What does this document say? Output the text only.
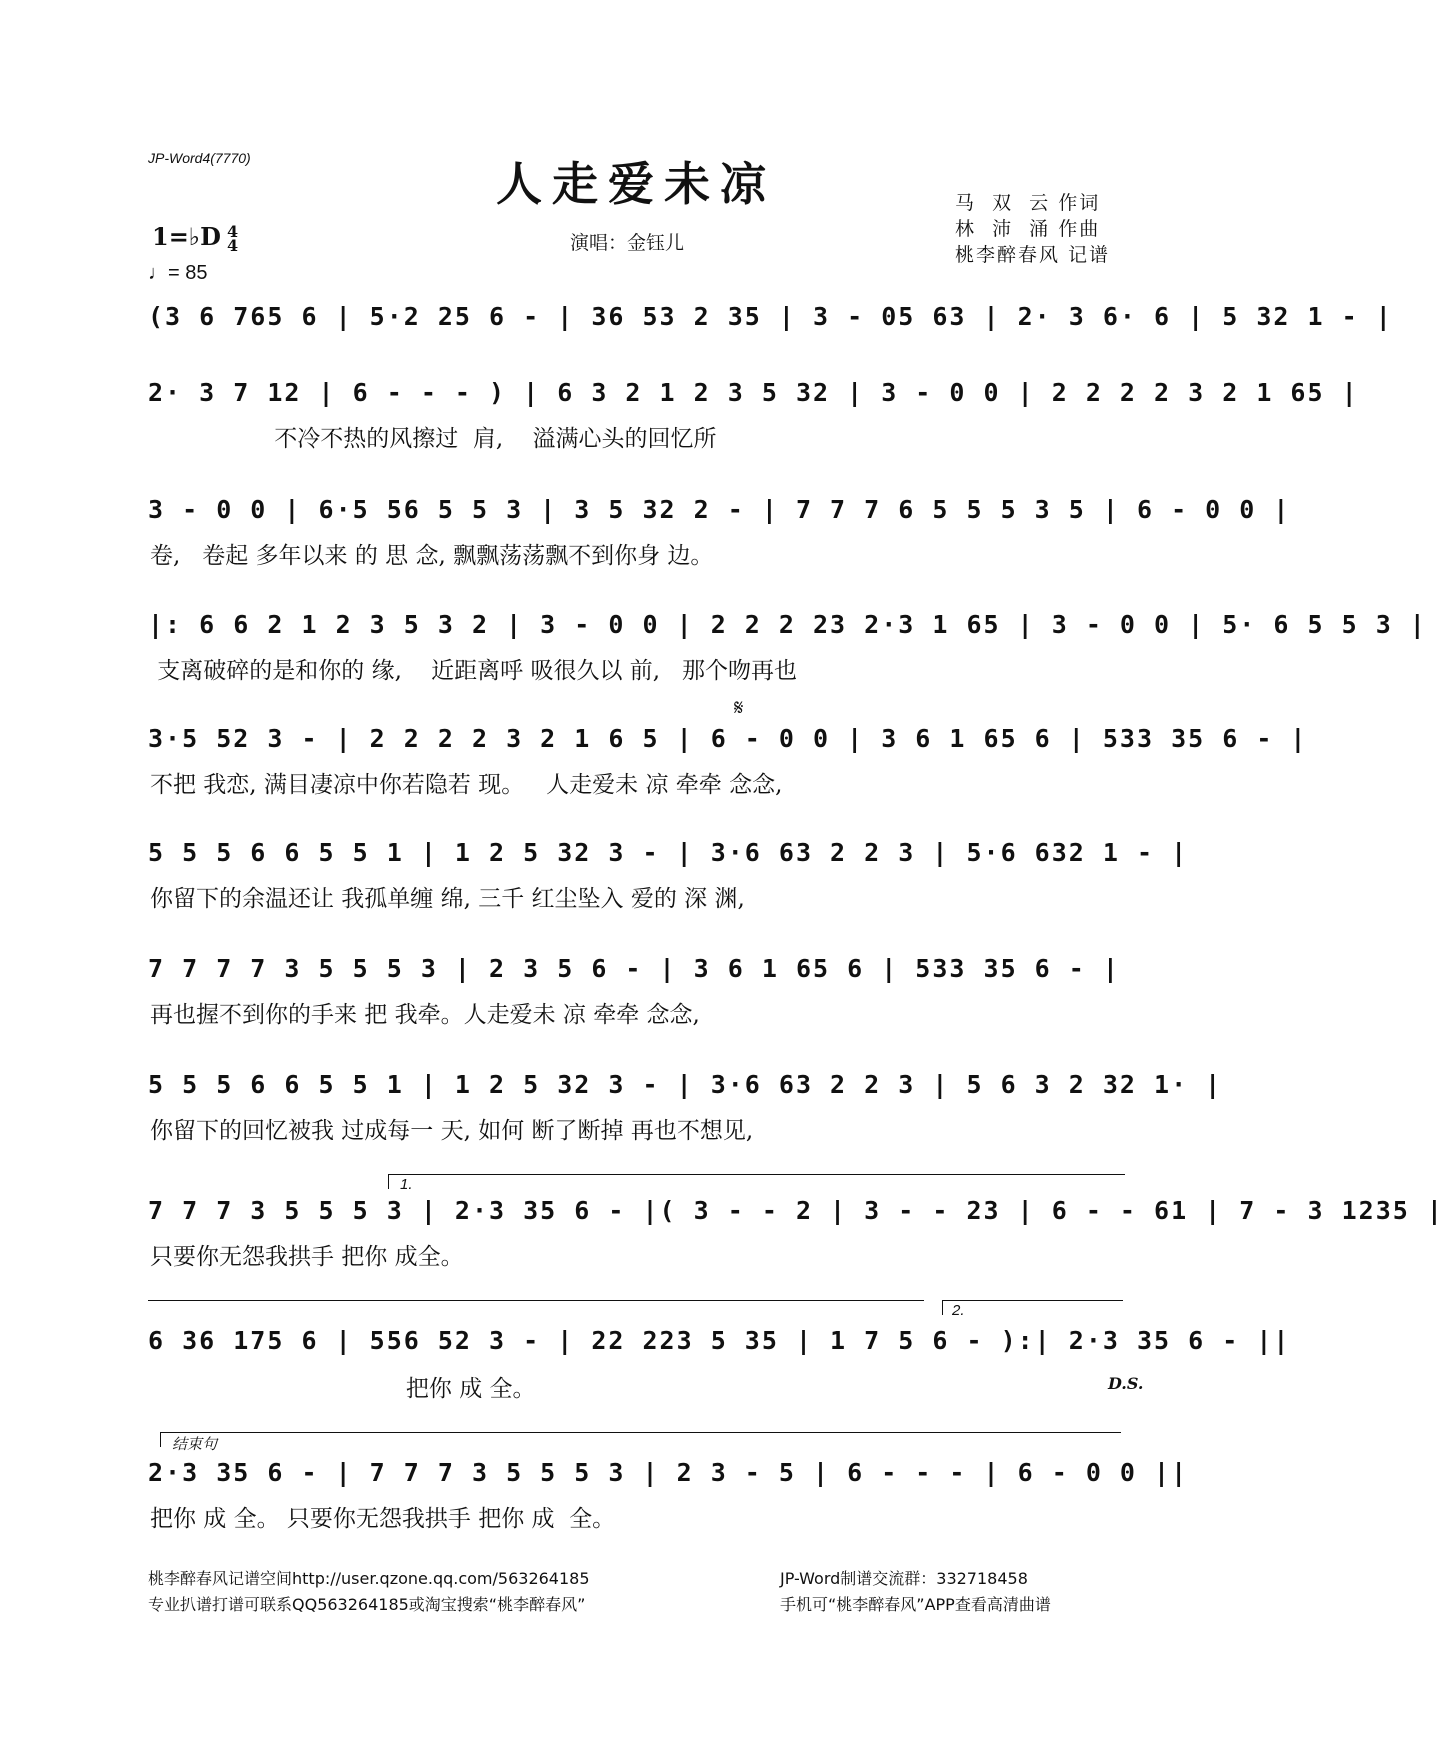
JP-Word4(7770)	人走爱未凉
演唱：金钰儿
马  双  云 作词
林  沛  涌 作曲
桃李醉春风 记谱
1=♭D 4
4
♩= 85
(3 6 765 6 | 5·2 25 6 - | 36 53 2 35 | 3 - 05 63 | 2· 3 6· 6 | 5 32 1 - |
2· 3 7 12 | 6 - - - ) | 6 3 2 1 2 3 5 32 | 3 - 0 0 | 2 2 2 2 3 2 1 65 |
不冷不热的风擦过  肩,    溢满心头的回忆所
3 - 0 0 | 6·5 56 5 5 3 | 3 5 32 2 - | 7 7 7 6 5 5 5 3 5 | 6 - 0 0 |
卷,   卷起 多年以来 的 思 念, 飘飘荡荡飘不到你身 边。
|: 6 6 2 1 2 3 5 3 2 | 3 - 0 0 | 2 2 2 23 2·3 1 65 | 3 - 0 0 | 5· 6 5 5 3 |
支离破碎的是和你的 缘,    近距离呼 吸很久以 前,   那个吻再也
𝄋
3·5 52 3 - | 2 2 2 2 3 2 1 6 5 | 6 - 0 0 | 3 6 1 65 6 | 533 35 6 - |
不把 我恋, 满目凄凉中你若隐若 现。   人走爱未 凉 牵牵 念念,
5 5 5 6 6 5 5 1 | 1 2 5 32 3 - | 3·6 63 2 2 3 | 5·6 632 1 - |
你留下的余温还让 我孤单缠 绵, 三千 红尘坠入 爱的 深 渊,
7 7 7 7 3 5 5 5 3 | 2 3 5 6 - | 3 6 1 65 6 | 533 35 6 - |
再也握不到你的手来 把 我牵。人走爱未 凉 牵牵 念念,
5 5 5 6 6 5 5 1 | 1 2 5 32 3 - | 3·6 63 2 2 3 | 5 6 3 2 32 1· |
你留下的回忆被我 过成每一 天, 如何 断了断掉 再也不想见,
1.
7 7 7 3 5 5 5 3 | 2·3 35 6 - |( 3 - - 2 | 3 - - 23 | 6 - - 61 | 7 - 3 1235 |
只要你无怨我拱手 把你 成全。
2.
6 36 175 6 | 556 52 3 - | 22 223 5 35 | 1 7 5 6 - ):| 2·3 35 6 - ||
把你 成 全。	D.S.
结束句
2·3 35 6 - | 7 7 7 3 5 5 5 3 | 2 3 - 5 | 6 - - - | 6 - 0 0 ||
把你 成 全。 只要你无怨我拱手 把你 成  全。
桃李醉春风记谱空间http://user.qzone.qq.com/563264185
专业扒谱打谱可联系QQ563264185或淘宝搜索“桃李醉春风”
JP-Word制谱交流群：332718458
手机可“桃李醉春风”APP查看高清曲谱
